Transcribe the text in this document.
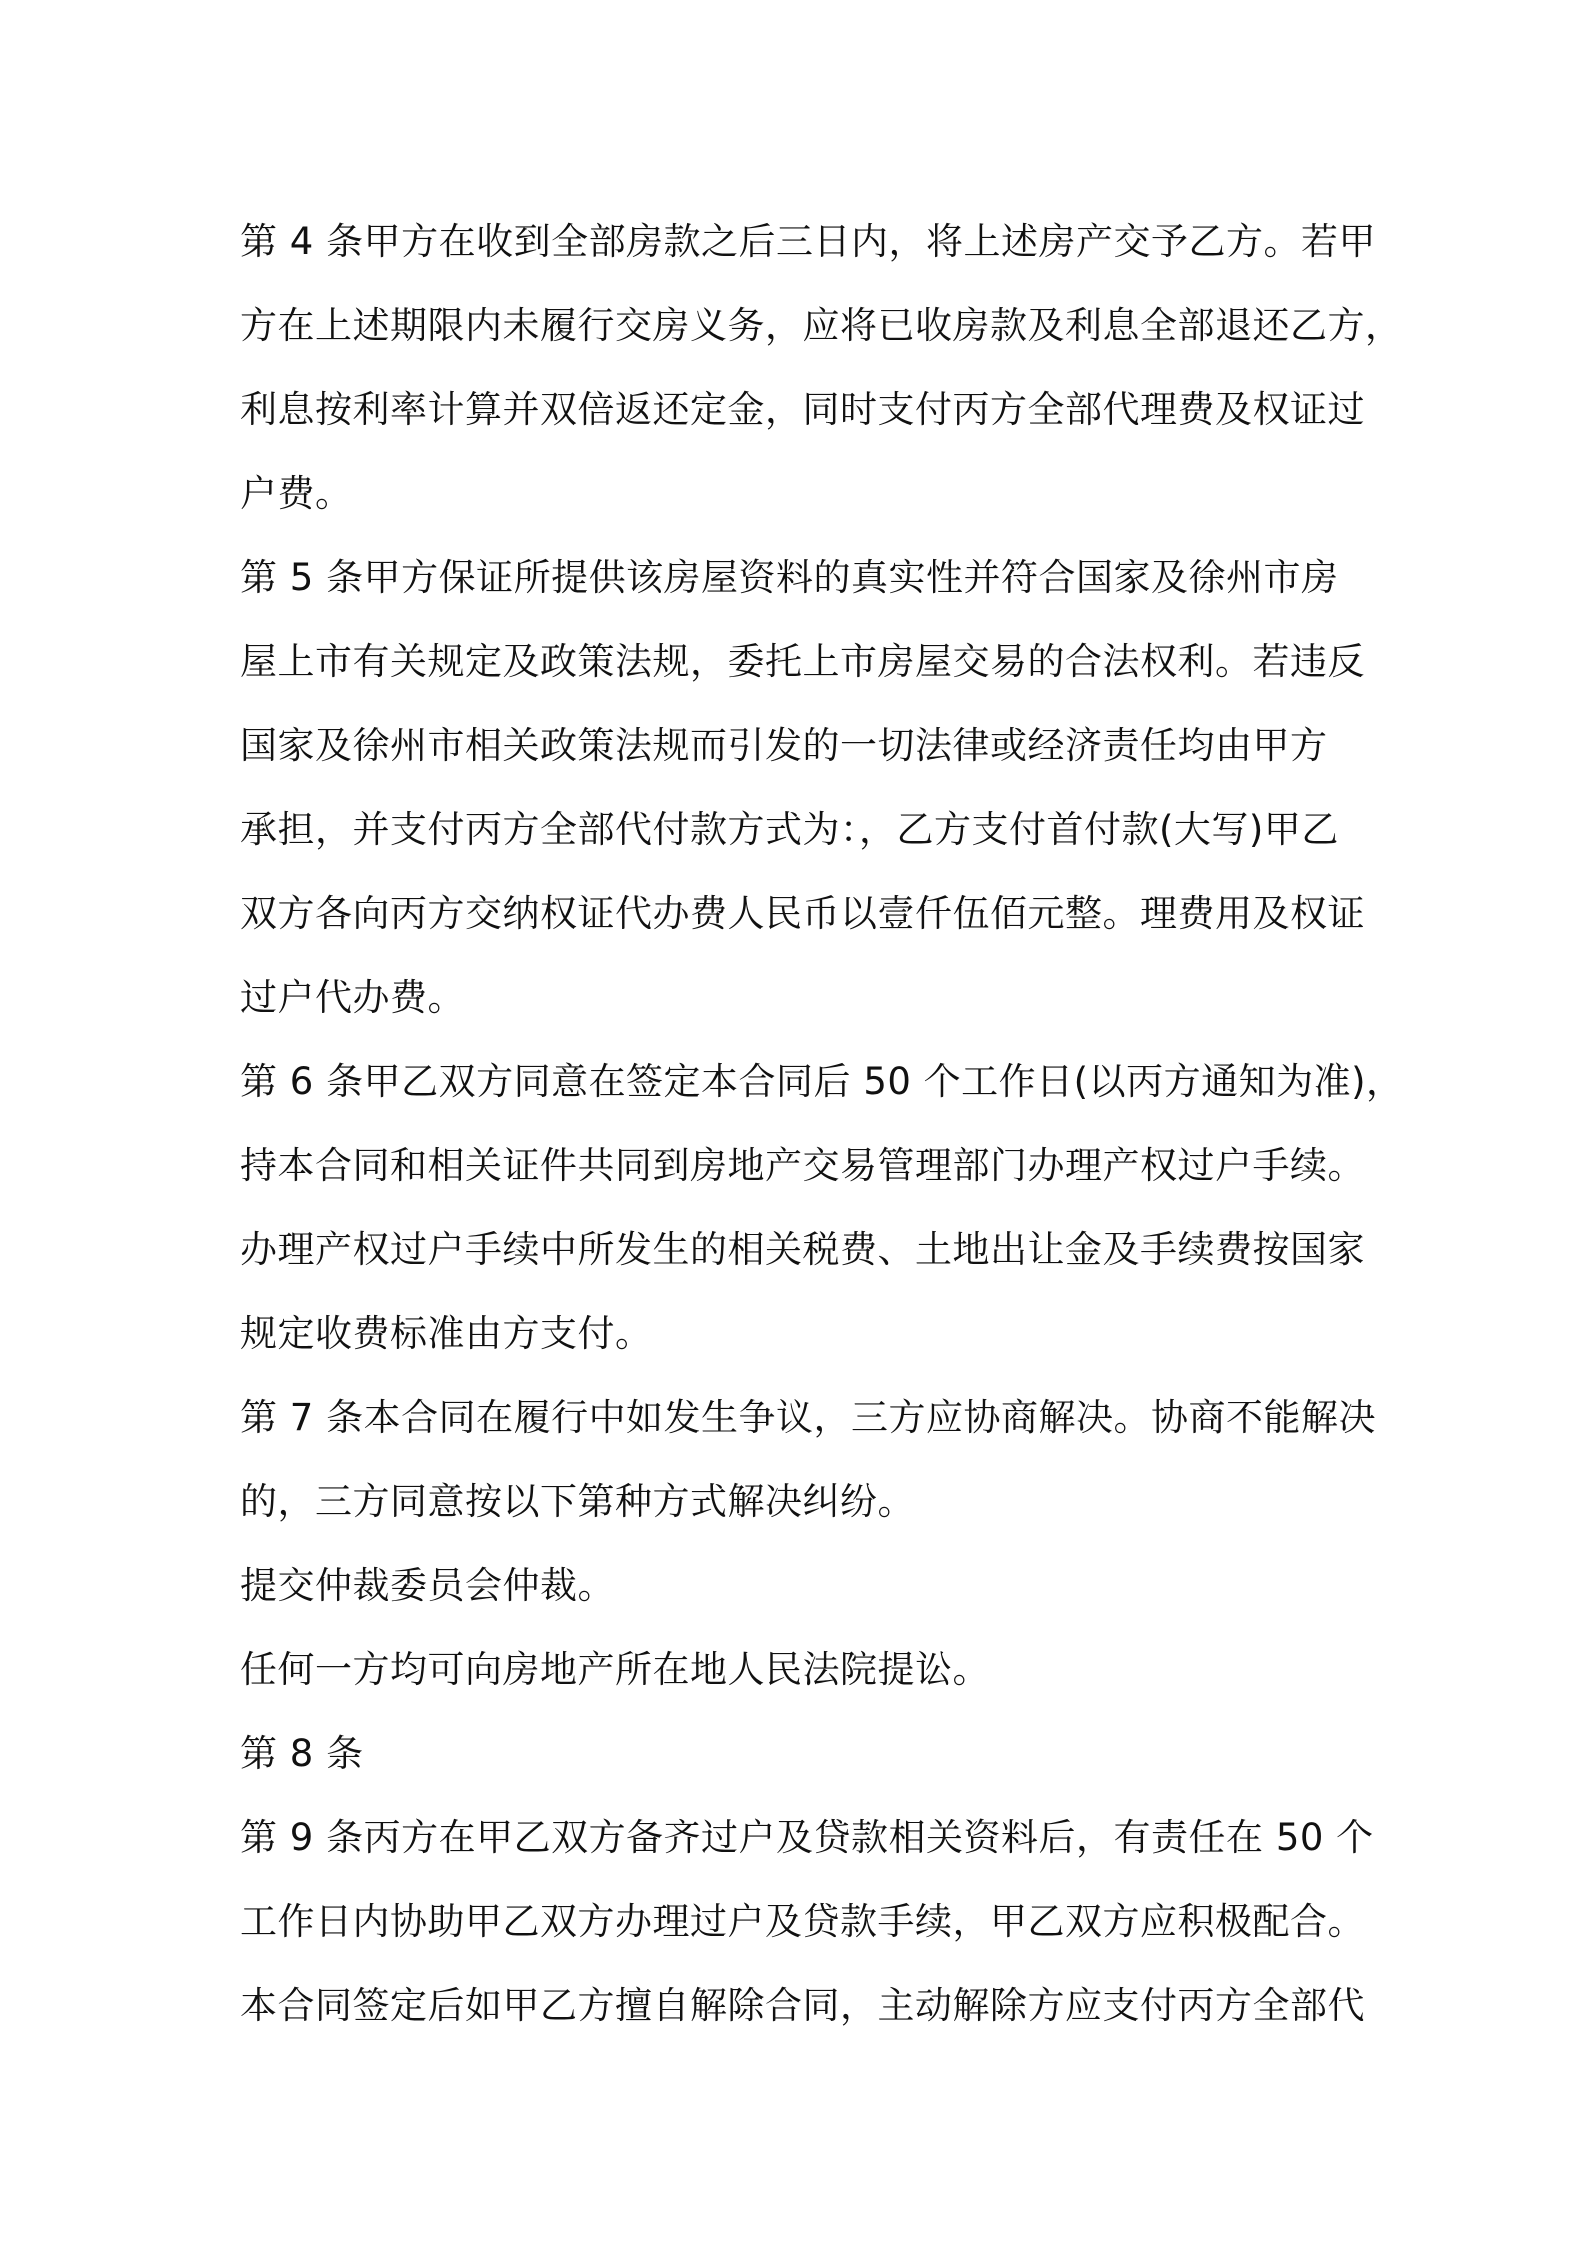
第 4 条甲方在收到全部房款之后三日内，将上述房产交予乙方。若甲
方在上述期限内未履行交房义务，应将已收房款及利息全部退还乙方，
利息按利率计算并双倍返还定金，同时支付丙方全部代理费及权证过
户费。

第 5 条甲方保证所提供该房屋资料的真实性并符合国家及徐州市房
屋上市有关规定及政策法规，委托上市房屋交易的合法权利。若违反
国家及徐州市相关政策法规而引发的一切法律或经济责任均由甲方
承担，并支付丙方全部代付款方式为：，乙方支付首付款(大写)甲乙
双方各向丙方交纳权证代办费人民币以壹仟伍佰元整。理费用及权证
过户代办费。

第 6 条甲乙双方同意在签定本合同后 50 个工作日(以丙方通知为准)，
持本合同和相关证件共同到房地产交易管理部门办理产权过户手续。
办理产权过户手续中所发生的相关税费、土地出让金及手续费按国家
规定收费标准由方支付。

第 7 条本合同在履行中如发生争议，三方应协商解决。协商不能解决
的，三方同意按以下第种方式解决纠纷。

提交仲裁委员会仲裁。

任何一方均可向房地产所在地人民法院提讼。

第 8 条

第 9 条丙方在甲乙双方备齐过户及贷款相关资料后，有责任在 50 个
工作日内协助甲乙双方办理过户及贷款手续，甲乙双方应积极配合。
本合同签定后如甲乙方擅自解除合同，主动解除方应支付丙方全部代
